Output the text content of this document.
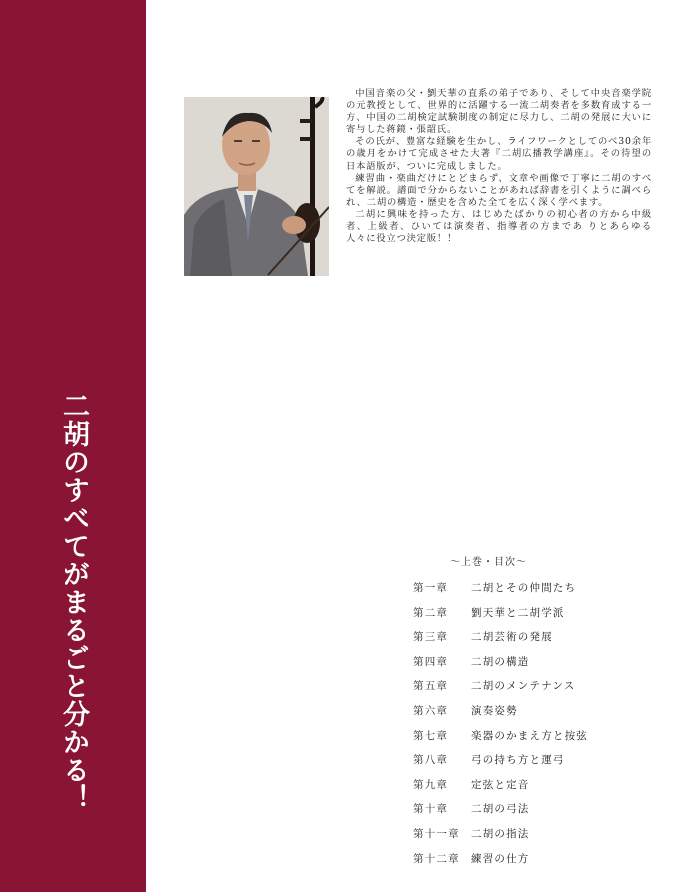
二胡のすべてがまるごと分かる！

中国音楽の父・劉天華の直系の弟子であり、そして中央音楽学院の元教授として、世界的に活躍する一流二胡奏者を多数育成する一方、中国の二胡検定試験制度の制定に尽力し、二胡の発展に大いに寄与した蒋鏡・張韶氏。

その氏が、豊富な経験を生かし、ライフワークとしてのべ30余年の歳月をかけて完成させた大著『二胡広播教学講座』。その待望の日本語版が、ついに完成しました。

練習曲・楽曲だけにとどまらず、文章や画像で丁寧に二胡のすべてを解説。譜面で分からないことがあれば辞書を引くように調べられ、二胡の構造・歴史を含めた全てを広く深く学べます。

二胡に興味を持った方、はじめたばかりの初心者の方から中級者、上級者、ひいては演奏者、指導者の方まであ りとあらゆる人々に役立つ決定版！！

〜上巻・目次〜
第一章 二胡とその仲間たち
第二章 劉天華と二胡学派
第三章 二胡芸術の発展
第四章 二胡の構造
第五章 二胡のメンテナンス
第六章 演奏姿勢
第七章 楽器のかまえ方と按弦
第八章 弓の持ち方と運弓
第九章 定弦と定音
第十章 二胡の弓法
第十一章 二胡の指法
第十二章 練習の仕方
